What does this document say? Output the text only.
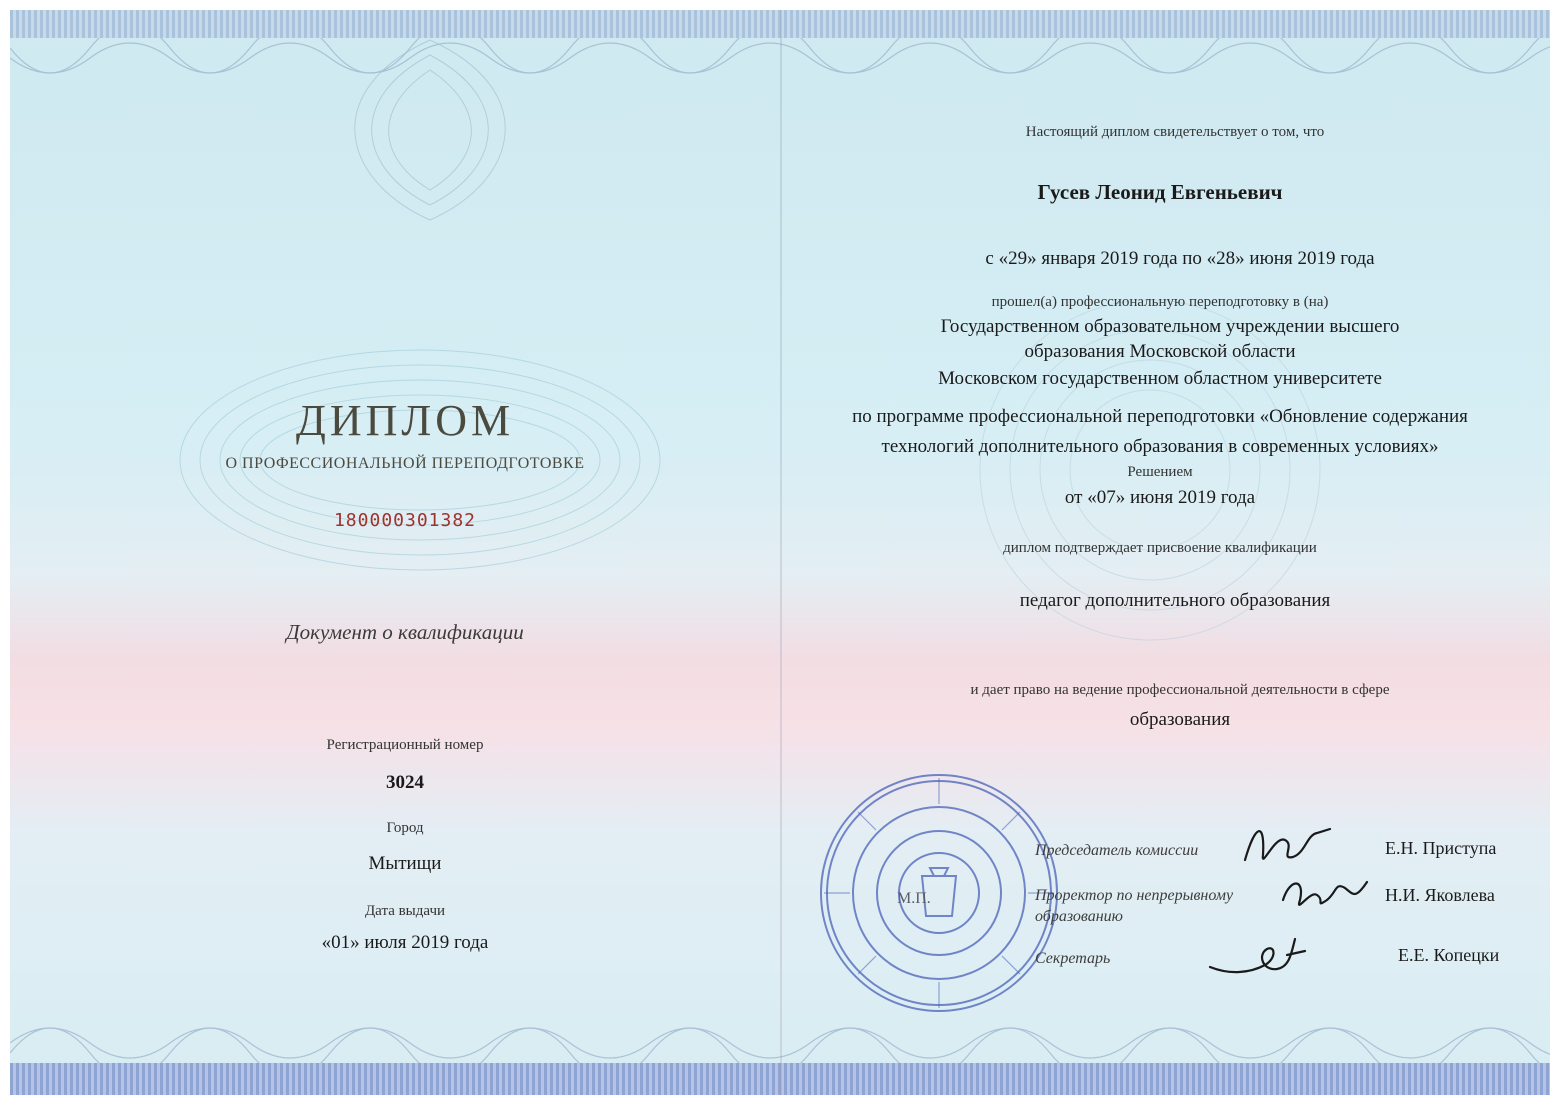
ДИПЛОМ
О ПРОФЕССИОНАЛЬНОЙ ПЕРЕПОДГОТОВКЕ
180000301382
Документ о квалификации
Регистрационный номер
3024
Город
Мытищи
Дата выдачи
«01» июля 2019 года
Настоящий диплом свидетельствует о том, что
Гусев Леонид Евгеньевич
с «29» января 2019 года по «28» июня 2019 года
прошел(а) профессиональную переподготовку в (на)
Государственном образовательном учреждении высшего
образования Московской области
Московском государственном областном университете
по программе профессиональной переподготовки «Обновление содержания
технологий дополнительного образования в современных условиях»
Решением
от «07» июня 2019 года
диплом подтверждает присвоение квалификации
педагог дополнительного образования
и дает право на ведение профессиональной деятельности в сфере
образования
М.П.
Председатель комиссии	Е.Н. Приступа
Проректор по непрерывному
образованию
Н.И. Яковлева
Секретарь	Е.Е. Копецки
